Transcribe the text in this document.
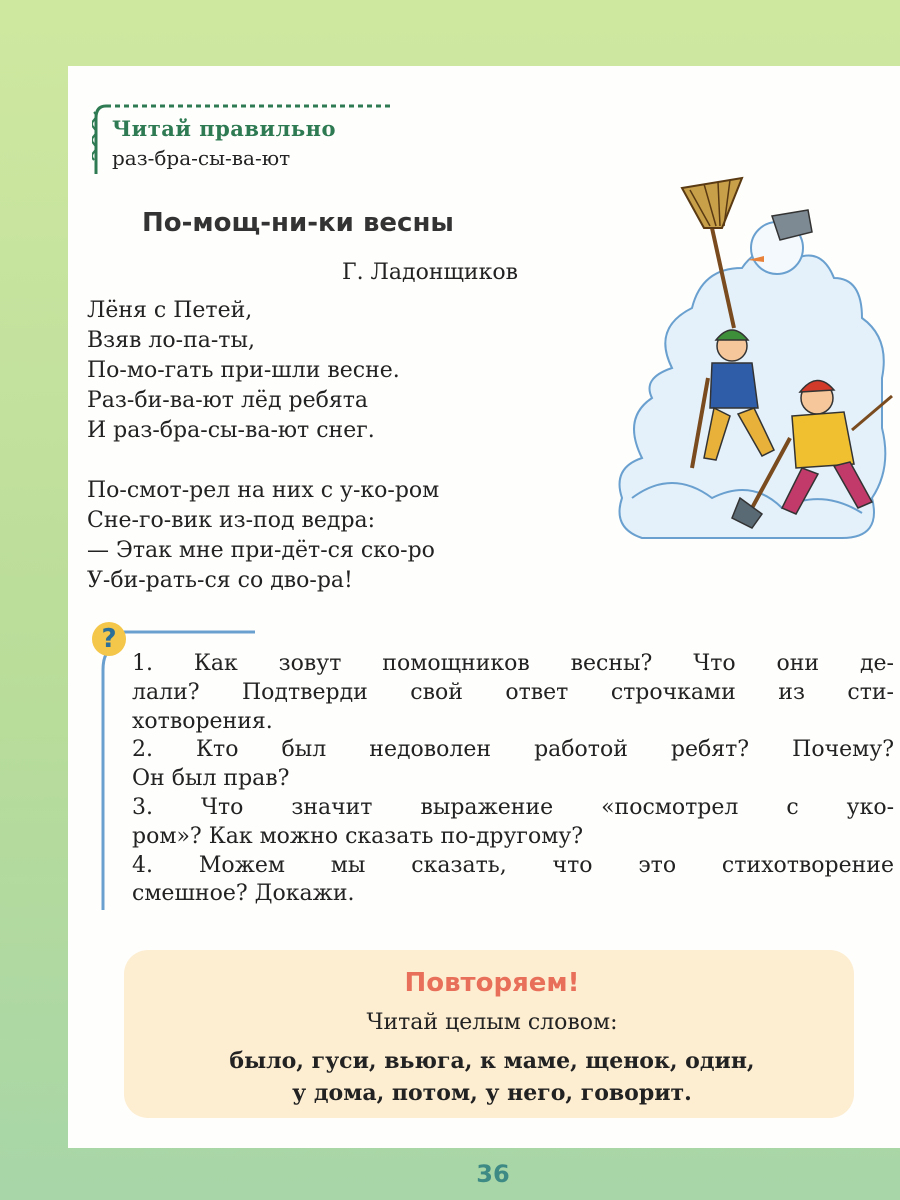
Читай правильно
раз-бра-сы-ва-ют
По-мощ-ни-ки весны
Г. Ладонщиков
Лёня с Петей,
Взяв ло-па-ты,
По-мо-гать при-шли весне.
Раз-би-ва-ют лёд ребята
И раз-бра-сы-ва-ют снег.
По-смот-рел на них с у-ко-ром
Сне-го-вик из-под ведра:
— Этак мне при-дёт-ся ско-ро
У-би-рать-ся со дво-ра!
?
1. Как зовут помощников весны? Что они де-
лали? Подтверди свой ответ строчками из сти-
хотворения.
2. Кто был недоволен работой ребят? Почему?
Он был прав?
3. Что значит выражение «посмотрел с уко-
ром»? Как можно сказать по-другому?
4. Можем мы сказать, что это стихотворение
смешное? Докажи.
Повторяем!
Читай целым словом:
было, гуси, вьюга, к маме, щенок, один,
у дома, потом, у него, говорит.
36
